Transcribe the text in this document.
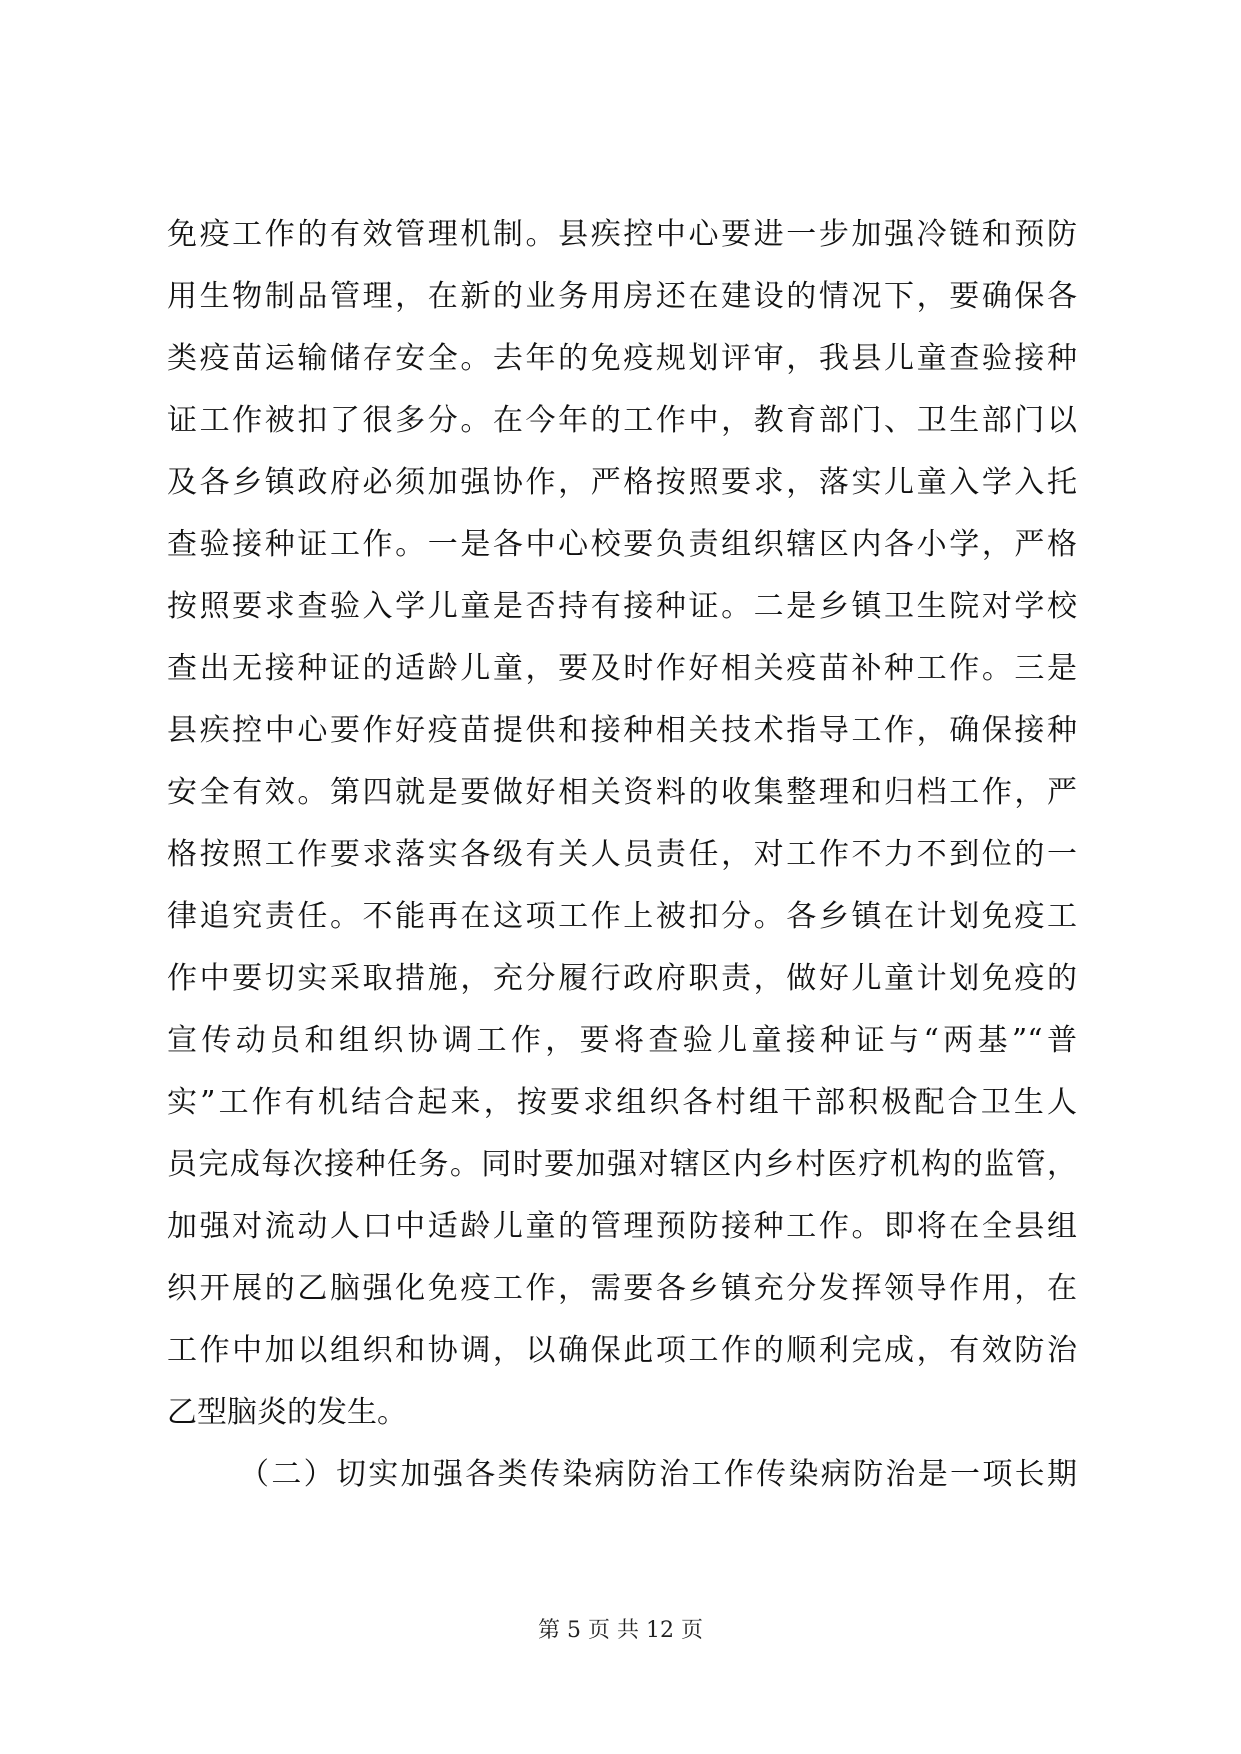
免疫工作的有效管理机制。县疾控中心要进一步加强冷链和预防
用生物制品管理，在新的业务用房还在建设的情况下，要确保各
类疫苗运输储存安全。去年的免疫规划评审，我县儿童查验接种
证工作被扣了很多分。在今年的工作中，教育部门、卫生部门以
及各乡镇政府必须加强协作，严格按照要求，落实儿童入学入托
查验接种证工作。一是各中心校要负责组织辖区内各小学，严格
按照要求查验入学儿童是否持有接种证。二是乡镇卫生院对学校
查出无接种证的适龄儿童，要及时作好相关疫苗补种工作。三是
县疾控中心要作好疫苗提供和接种相关技术指导工作，确保接种
安全有效。第四就是要做好相关资料的收集整理和归档工作，严
格按照工作要求落实各级有关人员责任，对工作不力不到位的一
律追究责任。不能再在这项工作上被扣分。各乡镇在计划免疫工
作中要切实采取措施，充分履行政府职责，做好儿童计划免疫的
宣传动员和组织协调工作，要将查验儿童接种证与“两基”“普
实”工作有机结合起来，按要求组织各村组干部积极配合卫生人
员完成每次接种任务。同时要加强对辖区内乡村医疗机构的监管，
加强对流动人口中适龄儿童的管理预防接种工作。即将在全县组
织开展的乙脑强化免疫工作，需要各乡镇充分发挥领导作用，在
工作中加以组织和协调，以确保此项工作的顺利完成，有效防治
乙型脑炎的发生。
（二）切实加强各类传染病防治工作传染病防治是一项长期
第 5 页 共 12 页
